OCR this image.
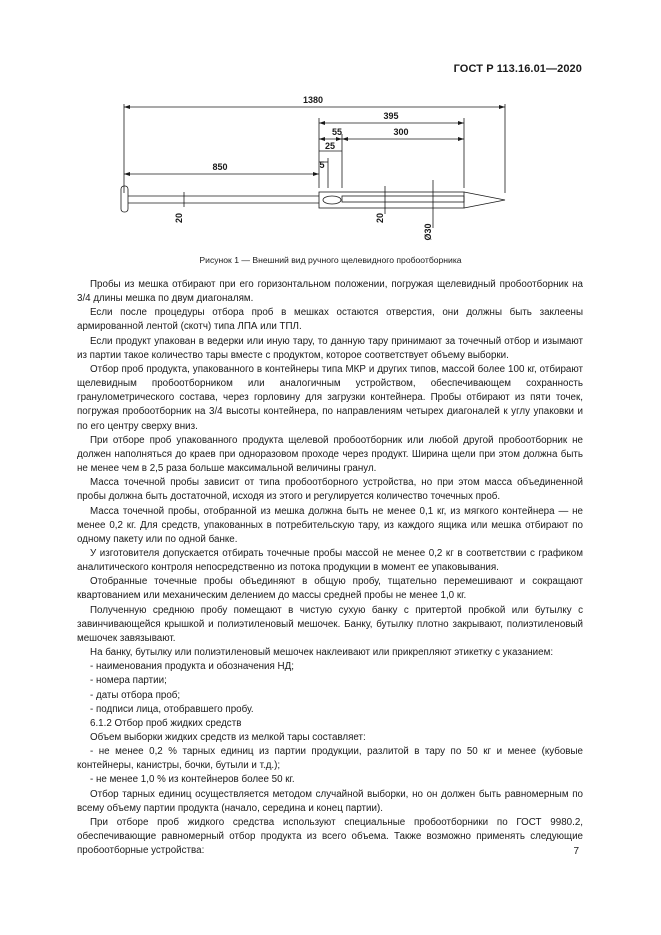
ГОСТ Р 113.16.01—2020
1380
395
55	300
25
5
850
20	20
Ø30
Рисунок 1 — Внешний вид ручного щелевидного пробоотборника

Пробы из мешка отбирают при его горизонтальном положении, погружая щелевидный пробоотборник на 3/4 длины мешка по двум диагоналям.

Если после процедуры отбора проб в мешках остаются отверстия, они должны быть заклеены армированной лентой (скотч) типа ЛПА или ТПЛ.

Если продукт упакован в ведерки или иную тару, то данную тару принимают за точечный отбор и изымают из партии такое количество тары вместе с продуктом, которое соответствует объему выборки.

Отбор проб продукта, упакованного в контейнеры типа МКР и других типов, массой более 100 кг, отбирают щелевидным пробоотборником или аналогичным устройством, обеспечивающем сохранность гранулометрического состава, через горловину для загрузки контейнера. Пробы отбирают из пяти точек, погружая пробоотборник на 3/4 высоты контейнера, по направлениям четырех диагоналей к углу упаковки и по его центру сверху вниз.

При отборе проб упакованного продукта щелевой пробоотборник или любой другой пробоотборник не должен наполняться до краев при одноразовом проходе через продукт. Ширина щели при этом должна быть не менее чем в 2,5 раза больше максимальной величины гранул.

Масса точечной пробы зависит от типа пробоотборного устройства, но при этом масса объединенной пробы должна быть достаточной, исходя из этого и регулируется количество точечных проб.

Масса точечной пробы, отобранной из мешка должна быть не менее 0,1 кг, из мягкого контейнера — не менее 0,2 кг. Для средств, упакованных в потребительскую тару, из каждого ящика или мешка отбирают по одному пакету или по одной банке.

У изготовителя допускается отбирать точечные пробы массой не менее 0,2 кг в соответствии с графиком аналитического контроля непосредственно из потока продукции в момент ее упаковывания.

Отобранные точечные пробы объединяют в общую пробу, тщательно перемешивают и сокращают квартованием или механическим делением до массы средней пробы не менее 1,0 кг.

Полученную среднюю пробу помещают в чистую сухую банку с притертой пробкой или бутылку с завинчивающейся крышкой и полиэтиленовый мешочек. Банку, бутылку плотно закрывают, полиэтиленовый мешочек завязывают.

На банку, бутылку или полиэтиленовый мешочек наклеивают или прикрепляют этикетку с указанием:

- наименования продукта и обозначения НД;

- номера партии;

- даты отбора проб;

- подписи лица, отобравшего пробу.

6.1.2 Отбор проб жидких средств

Объем выборки жидких средств из мелкой тары составляет:

- не менее 0,2 % тарных единиц из партии продукции, разлитой в тару по 50 кг и менее (кубовые контейнеры, канистры, бочки, бутыли и т.д.);

- не менее 1,0 % из контейнеров более 50 кг.

Отбор тарных единиц осуществляется методом случайной выборки, но он должен быть равномерным по всему объему партии продукта (начало, середина и конец партии).

При отборе проб жидкого средства используют специальные пробоотборники по ГОСТ 9980.2, обеспечивающие равномерный отбор продукта из всего объема. Также возможно применять следующие пробоотборные устройства:	7
